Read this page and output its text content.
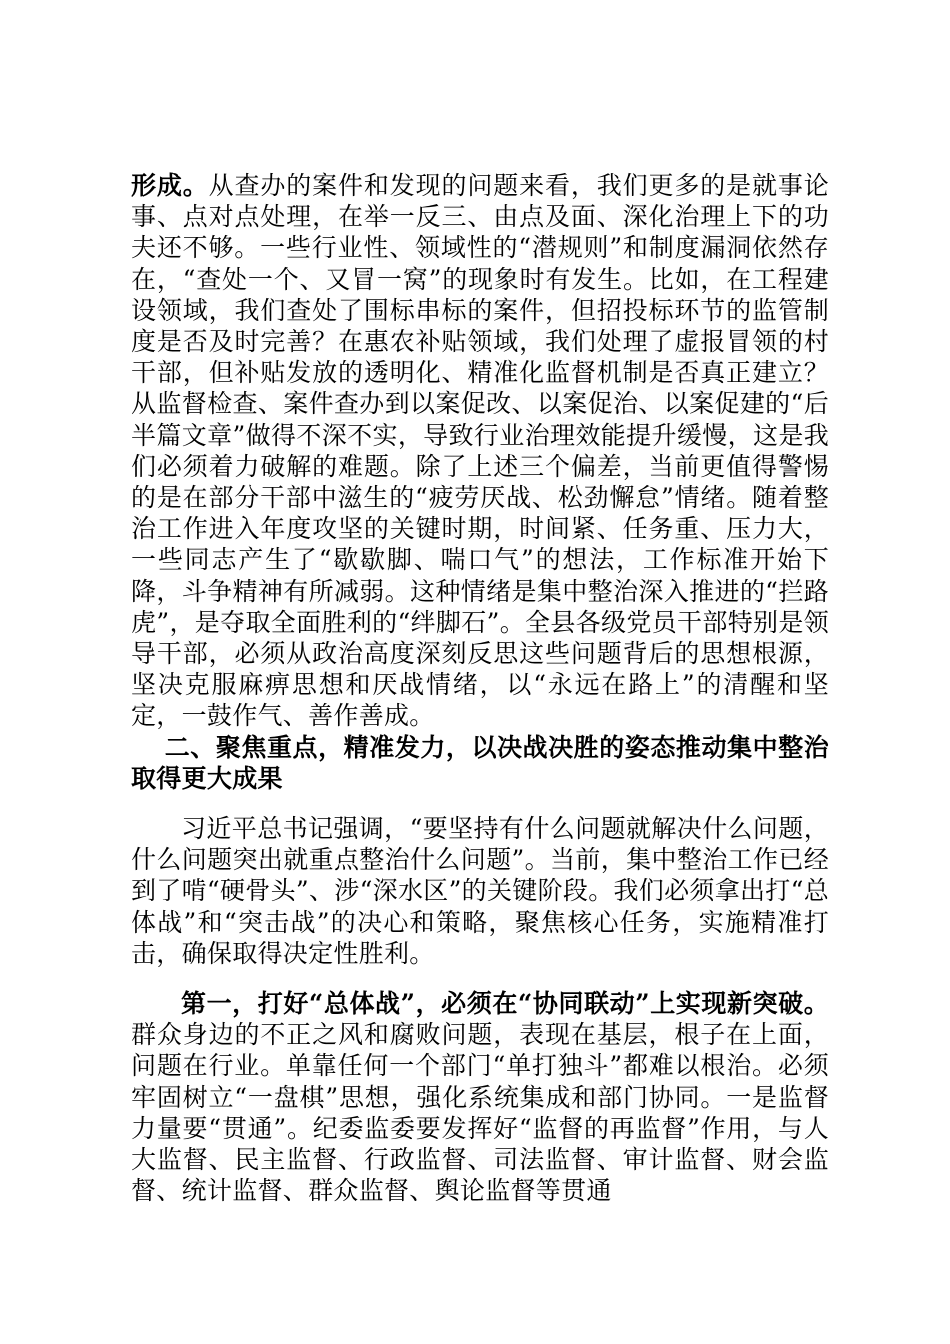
形成。从查办的案件和发现的问题来看，我们更多的是就事论事、点对点处理，在举一反三、由点及面、深化治理上下的功夫还不够。一些行业性、领域性的“潜规则”和制度漏洞依然存在，“查处一个、又冒一窝”的现象时有发生。比如，在工程建设领域，我们查处了围标串标的案件，但招投标环节的监管制度是否及时完善？在惠农补贴领域，我们处理了虚报冒领的村干部，但补贴发放的透明化、精准化监督机制是否真正建立？从监督检查、案件查办到以案促改、以案促治、以案促建的“后半篇文章”做得不深不实，导致行业治理效能提升缓慢，这是我们必须着力破解的难题。除了上述三个偏差，当前更值得警惕的是在部分干部中滋生的“疲劳厌战、松劲懈怠”情绪。随着整治工作进入年度攻坚的关键时期，时间紧、任务重、压力大，一些同志产生了“歇歇脚、喘口气”的想法，工作标准开始下降，斗争精神有所减弱。这种情绪是集中整治深入推进的“拦路虎”，是夺取全面胜利的“绊脚石”。全县各级党员干部特别是领导干部，必须从政治高度深刻反思这些问题背后的思想根源，坚决克服麻痹思想和厌战情绪，以“永远在路上”的清醒和坚定，一鼓作气、善作善成。

二、聚焦重点，精准发力，以决战决胜的姿态推动集中整治取得更大成果

习近平总书记强调，“要坚持有什么问题就解决什么问题，什么问题突出就重点整治什么问题”。当前，集中整治工作已经到了啃“硬骨头”、涉“深水区”的关键阶段。我们必须拿出打“总体战”和“突击战”的决心和策略，聚焦核心任务，实施精准打击，确保取得决定性胜利。

第一，打好“总体战”，必须在“协同联动”上实现新突破。群众身边的不正之风和腐败问题，表现在基层，根子在上面，问题在行业。单靠任何一个部门“单打独斗”都难以根治。必须牢固树立“一盘棋”思想，强化系统集成和部门协同。一是监督力量要“贯通”。纪委监委要发挥好“监督的再监督”作用，与人大监督、民主监督、行政监督、司法监督、审计监督、财会监督、统计监督、群众监督、舆论监督等贯通
